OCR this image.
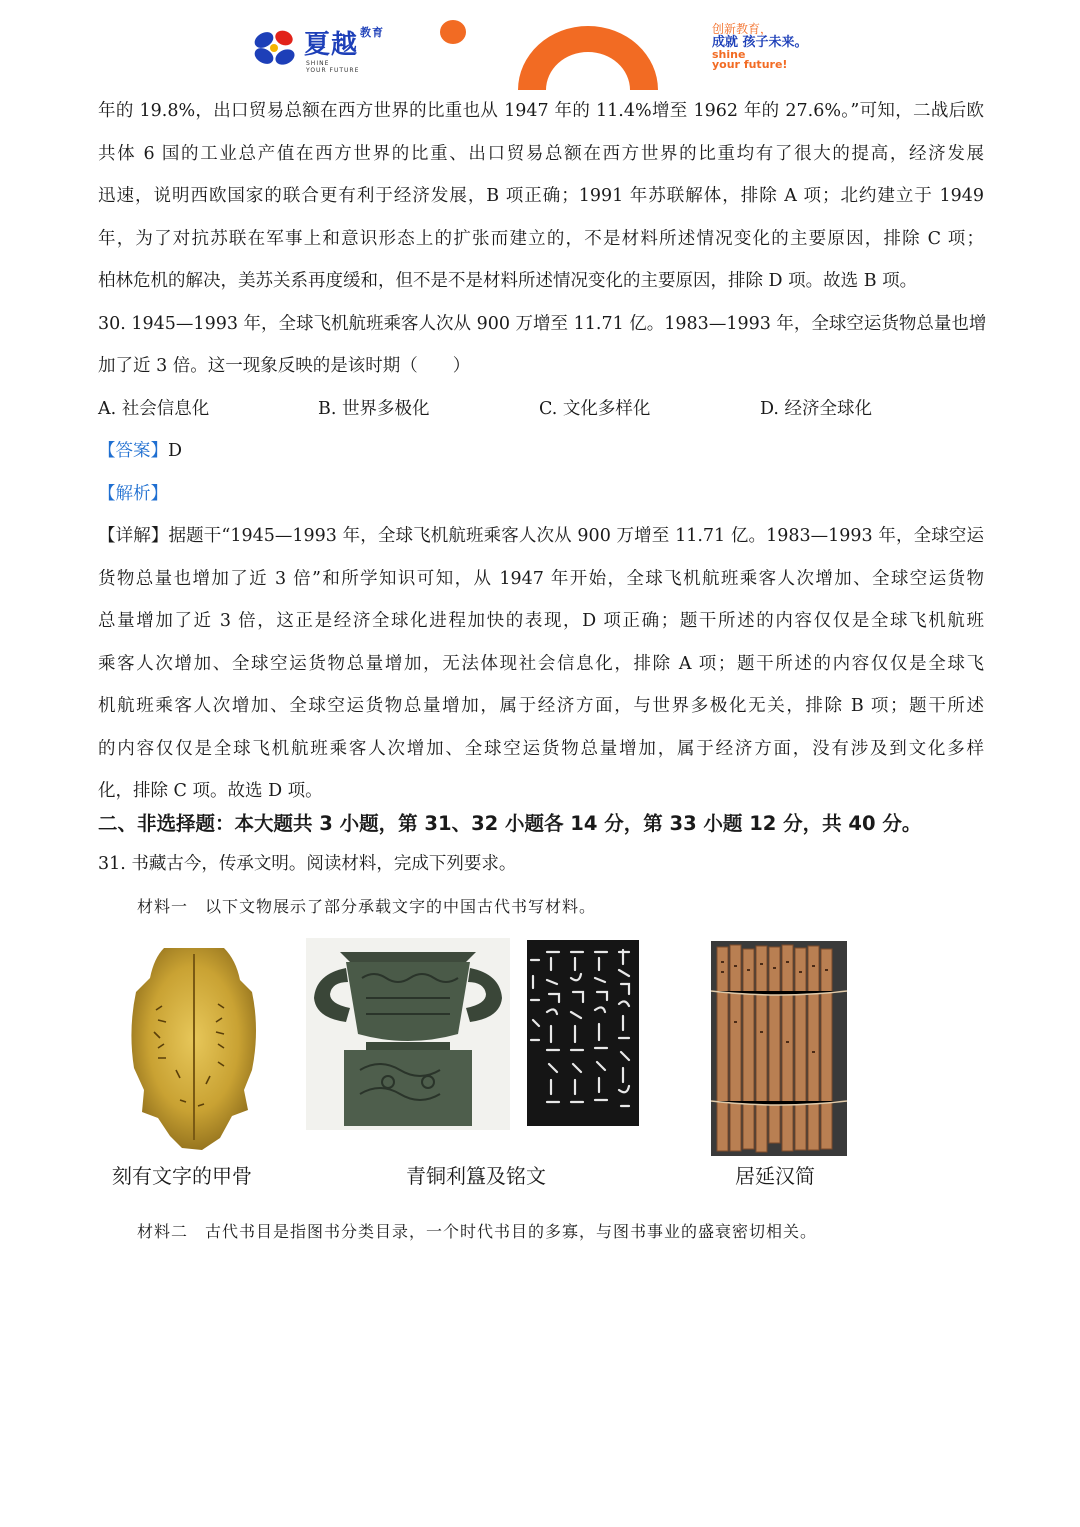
夏越 $^{教育}$
SHINE
YOUR FUTURE
创新教育，
成就 孩子未来。
shine
your future!
年的 19.8%，出口贸易总额在西方世界的比重也从 1947 年的 11.4%增至 1962 年的 27.6%。”可知，二战后欧
共体 6 国的工业总产值在西方世界的比重、出口贸易总额在西方世界的比重均有了很大的提高，经济发展
迅速，说明西欧国家的联合更有利于经济发展，B 项正确；1991 年苏联解体，排除 A 项；北约建立于 1949
年，为了对抗苏联在军事上和意识形态上的扩张而建立的，不是材料所述情况变化的主要原因，排除 C 项；
柏林危机的解决，美苏关系再度缓和，但不是不是材料所述情况变化的主要原因，排除 D 项。故选 B 项。
30. 1945—1993 年，全球飞机航班乘客人次从 900 万增至 11.71 亿。1983—1993 年，全球空运货物总量也增
加了近 3 倍。这一现象反映的是该时期（　　）
A. 社会信息化	B. 世界多极化	C. 文化多样化	D. 经济全球化
【答案】D
【解析】
【详解】据题干“1945—1993 年，全球飞机航班乘客人次从 900 万增至 11.71 亿。1983—1993 年，全球空运
货物总量也增加了近 3 倍”和所学知识可知，从 1947 年开始，全球飞机航班乘客人次增加、全球空运货物
总量增加了近 3 倍，这正是经济全球化进程加快的表现，D 项正确；题干所述的内容仅仅是全球飞机航班
乘客人次增加、全球空运货物总量增加，无法体现社会信息化，排除 A 项；题干所述的内容仅仅是全球飞
机航班乘客人次增加、全球空运货物总量增加，属于经济方面，与世界多极化无关，排除 B 项；题干所述
的内容仅仅是全球飞机航班乘客人次增加、全球空运货物总量增加，属于经济方面，没有涉及到文化多样
化，排除 C 项。故选 D 项。
二、非选择题：本大题共 3 小题，第 31、32 小题各 14 分，第 33 小题 12 分，共 40 分。
31. 书藏古今，传承文明。阅读材料，完成下列要求。
材料一　以下文物展示了部分承载文字的中国古代书写材料。
刻有文字的甲骨	青铜利簋及铭文	居延汉简
材料二　古代书目是指图书分类目录，一个时代书目的多寡，与图书事业的盛衰密切相关。
